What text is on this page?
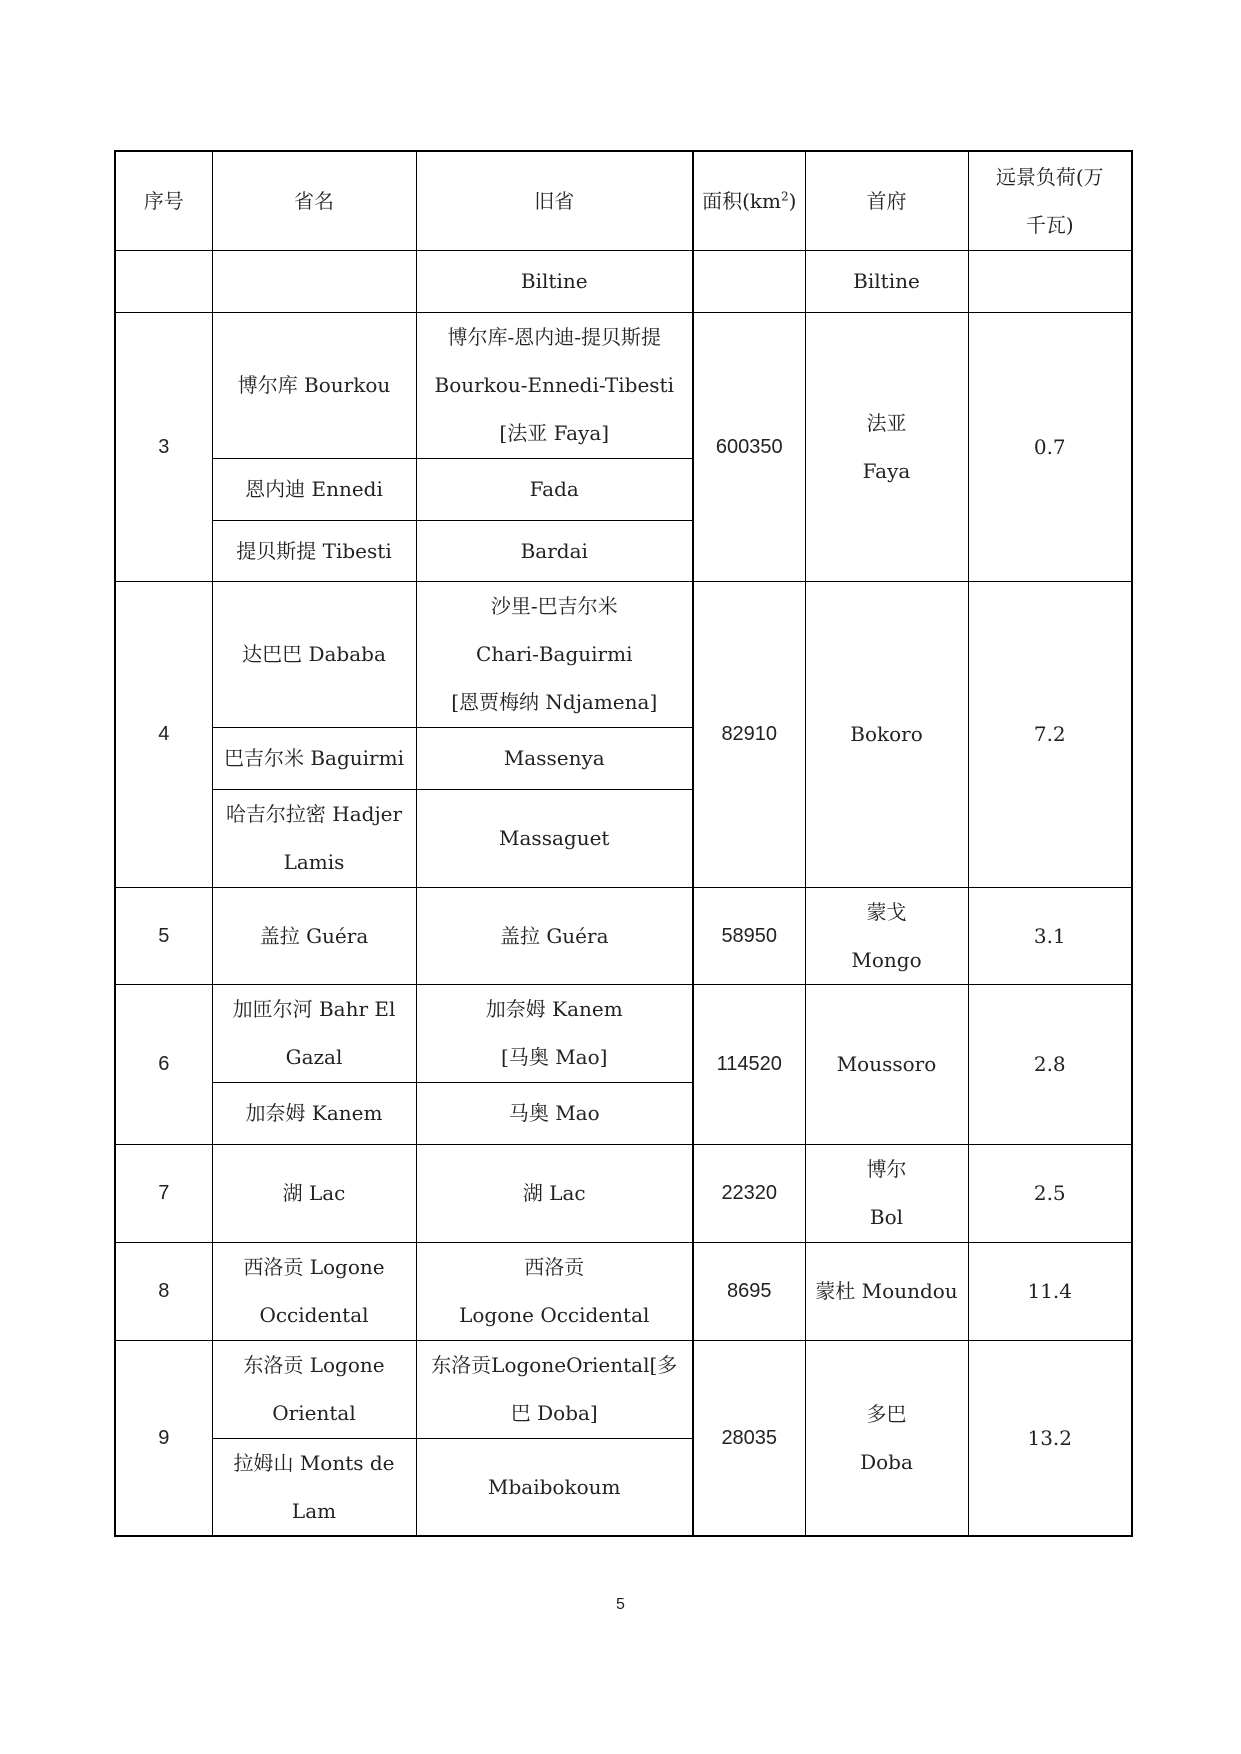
序号	省名	旧省	面积$(km^2)$	首府	远景负荷(万
千瓦)

		Biltine		Biltine	
3	博尔库 Bourkou	博尔库-恩内迪-提贝斯提
Bourkou-Ennedi-Tibesti
[法亚 Faya]	600350	法亚
Faya	0.7
	恩内迪 Ennedi	Fada			
	提贝斯提 Tibesti	Bardai			
4	达巴巴 Dababa	沙里-巴吉尔米
Chari-Baguirmi
[恩贾梅纳 Ndjamena]	82910	Bokoro	7.2
	巴吉尔米 Baguirmi	Massenya			

	哈吉尔拉密 Hadjer
Lamis	Massaguet			
5	盖拉 Guéra	盖拉 Guéra	58950	蒙戈
Mongo	3.1
6	加匝尔河 Bahr El
Gazal	加奈姆 Kanem
[马奥 Mao]	114520	Moussoro	2.8
	加奈姆 Kanem	马奥 Mao			
7	湖 Lac	湖 Lac	22320	博尔
Bol	2.5
8	西洛贡 Logone
Occidental	西洛贡
Logone Occidental	8695	蒙杜 Moundou	11.4
9	东洛贡 Logone
Oriental	东洛贡LogoneOriental[多
巴 Doba]	28035	多巴
Doba	13.2

	拉姆山 Monts de
Lam	Mbaibokoum			
5
